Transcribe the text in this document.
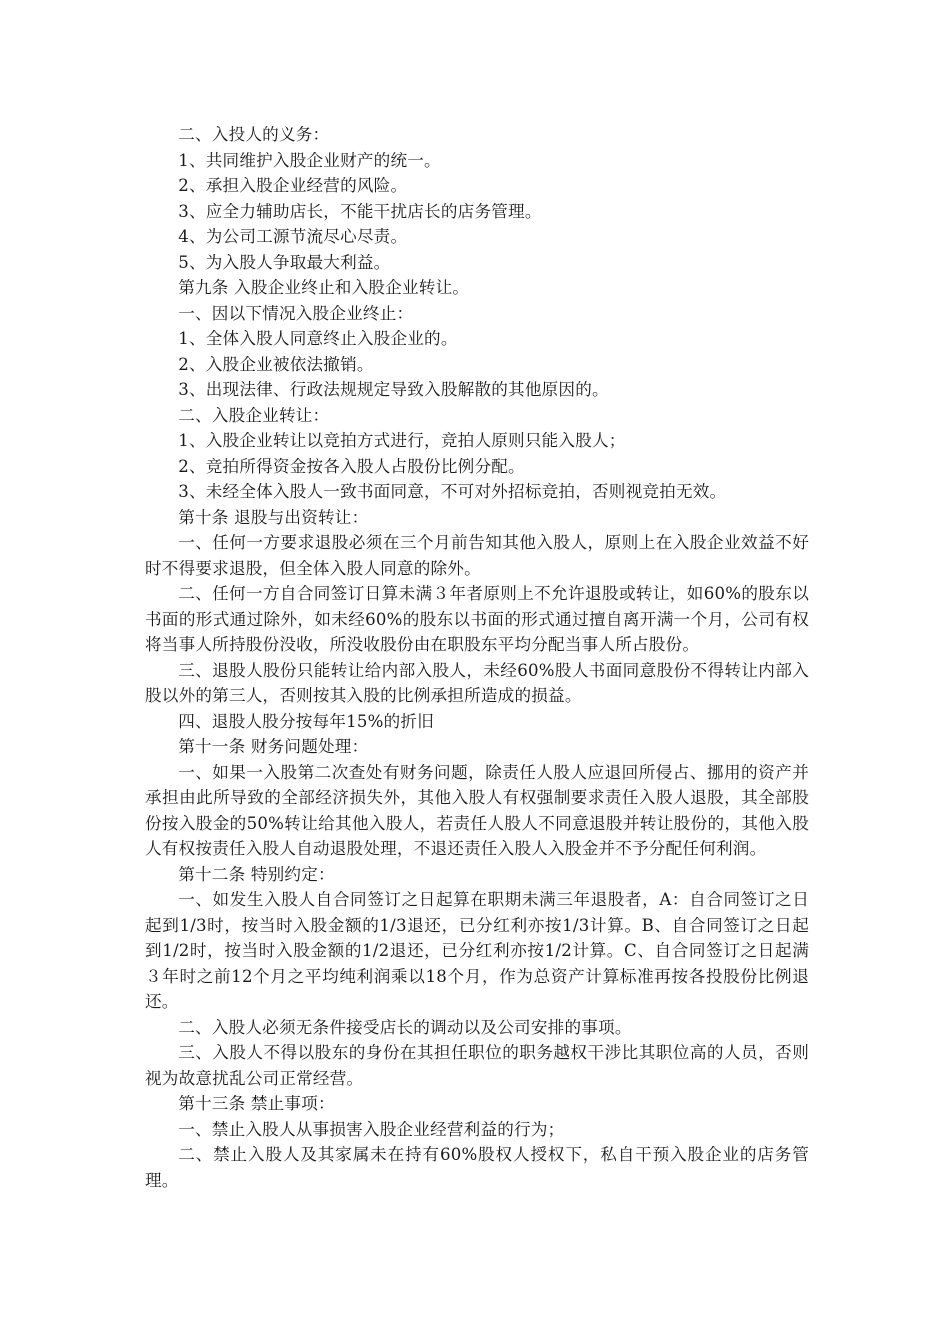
二、入投人的义务：

1、共同维护入股企业财产的统一。

2、承担入股企业经营的风险。

3、应全力辅助店长，不能干扰店长的店务管理。

4、为公司工源节流尽心尽责。

5、为入股人争取最大利益。

第九条 入股企业终止和入股企业转让。

一、因以下情况入股企业终止：

1、全体入股人同意终止入股企业的。

2、入股企业被依法撤销。

3、出现法律、行政法规规定导致入股解散的其他原因的。

二、入股企业转让：

1、入股企业转让以竞拍方式进行，竞拍人原则只能入股人；

2、竞拍所得资金按各入股人占股份比例分配。

3、未经全体入股人一致书面同意，不可对外招标竞拍，否则视竞拍无效。

第十条 退股与出资转让：

一、任何一方要求退股必须在三个月前告知其他入股人，原则上在入股企业效益不好时不得要求退股，但全体入股人同意的除外。

二、任何一方自合同签订日算未满３年者原则上不允许退股或转让，如60%的股东以书面的形式通过除外，如未经60%的股东以书面的形式通过擅自离开满一个月，公司有权将当事人所持股份没收，所没收股份由在职股东平均分配当事人所占股份。

三、退股人股份只能转让给内部入股人，未经60%股人书面同意股份不得转让内部入股以外的第三人，否则按其入股的比例承担所造成的损益。

四、退股人股分按每年15%的折旧

第十一条 财务问题处理：

一、如果一入股第二次查处有财务问题，除责任人股人应退回所侵占、挪用的资产并承担由此所导致的全部经济损失外，其他入股人有权强制要求责任入股人退股，其全部股份按入股金的50%转让给其他入股人，若责任人股人不同意退股并转让股份的，其他入股人有权按责任入股人自动退股处理，不退还责任入股人入股金并不予分配任何利润。

第十二条 特别约定：

一、如发生入股人自合同签订之日起算在职期未满三年退股者，A：自合同签订之日起到1/3时，按当时入股金额的1/3退还，已分红利亦按1/3计算。B、自合同签订之日起到1/2时，按当时入股金额的1/2退还，已分红利亦按1/2计算。C、自合同签订之日起满３年时之前12个月之平均纯利润乘以18个月，作为总资产计算标准再按各投股份比例退还。

二、入股人必须无条件接受店长的调动以及公司安排的事项。

三、入股人不得以股东的身份在其担任职位的职务越权干涉比其职位高的人员，否则视为故意扰乱公司正常经营。

第十三条 禁止事项：

一、禁止入股人从事损害入股企业经营利益的行为；

二、禁止入股人及其家属未在持有60%股权人授权下，私自干预入股企业的店务管理。
